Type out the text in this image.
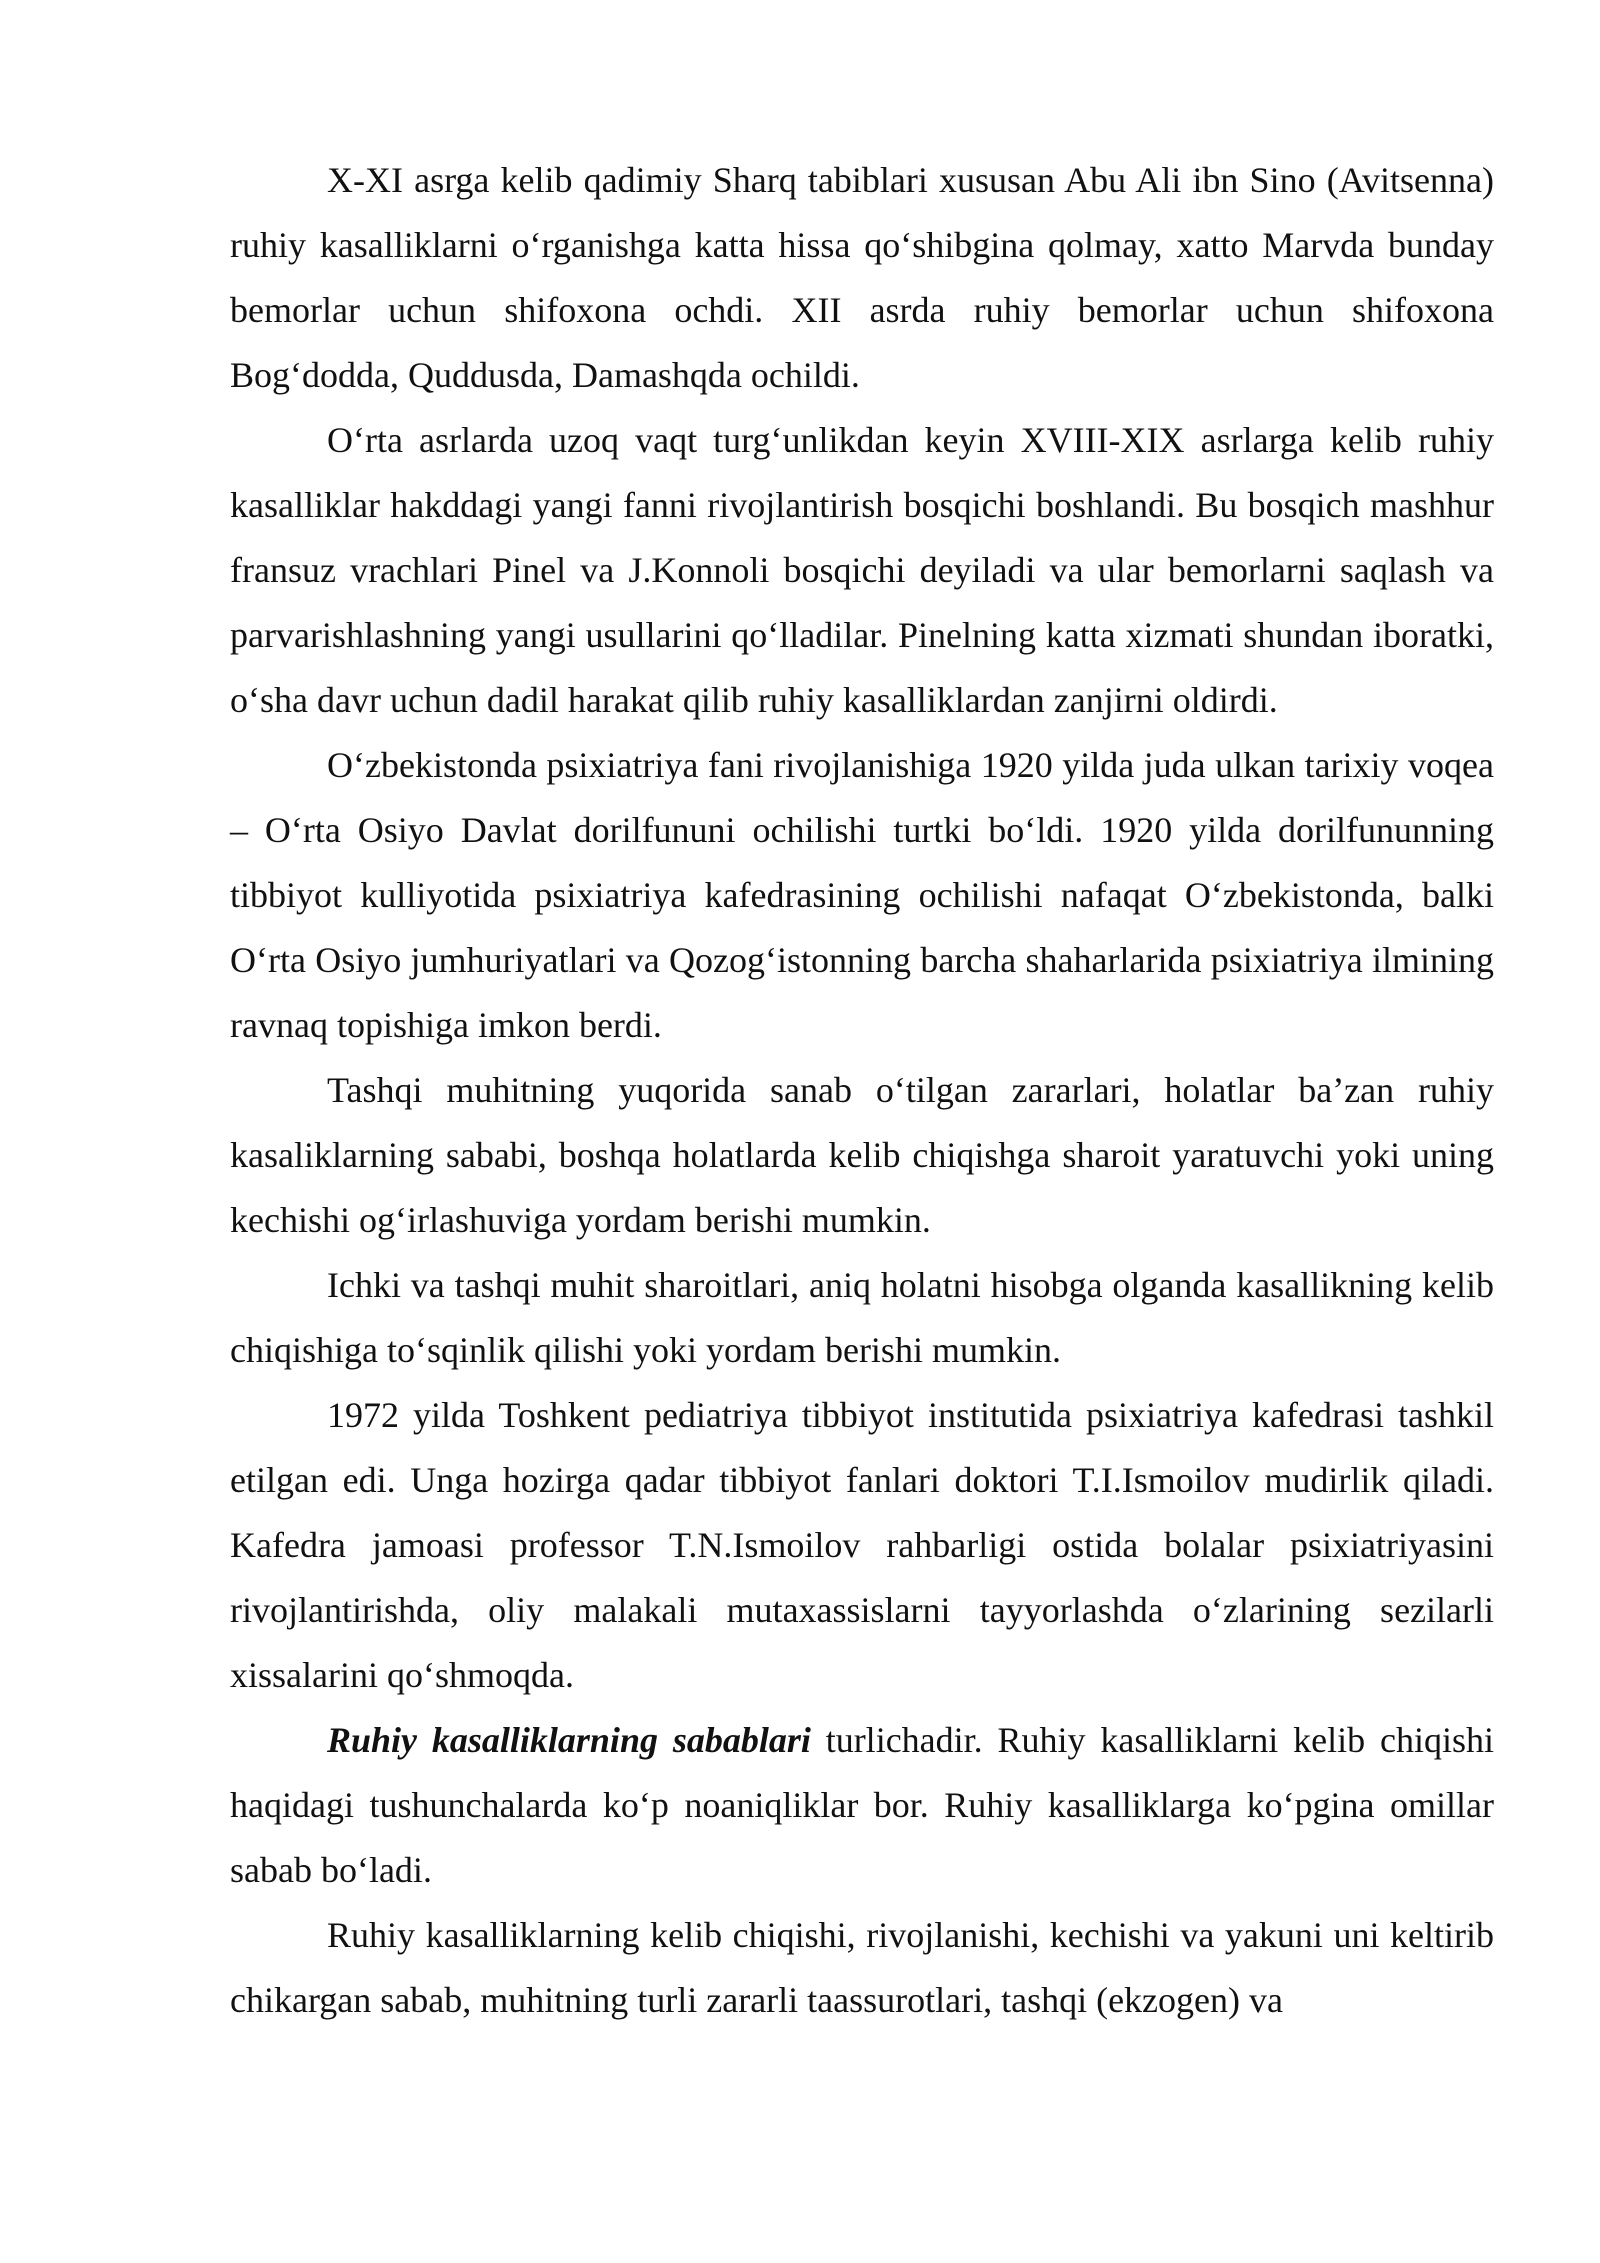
X-XI asrga kelib qadimiy Sharq tabiblari xususan Abu Ali ibn Sino (Avitsenna) ruhiy kasalliklarni o‘rganishga katta hissa qo‘shibgina qolmay, xatto Marvda bunday bemorlar uchun shifoxona ochdi. XII asrda ruhiy bemorlar uchun shifoxona Bog‘dodda, Quddusda, Damashqda ochildi.

O‘rta asrlarda uzoq vaqt turg‘unlikdan keyin XVIII-XIX asrlarga kelib ruhiy kasalliklar hakddagi yangi fanni rivojlantirish bosqichi boshlandi. Bu bosqich mashhur fransuz vrachlari Pinel va J.Konnoli bosqichi deyiladi va ular bemorlarni saqlash va parvarishlashning yangi usullarini qo‘lladilar. Pinelning katta xizmati shundan iboratki, o‘sha davr uchun dadil harakat qilib ruhiy kasalliklardan zanjirni oldirdi.

O‘zbekistonda psixiatriya fani rivojlanishiga 1920 yilda juda ulkan tarixiy voqea – O‘rta Osiyo Davlat dorilfununi ochilishi turtki bo‘ldi. 1920 yilda dorilfununning tibbiyot kulliyotida psixiatriya kafedrasining ochilishi nafaqat O‘zbekistonda, balki O‘rta Osiyo jumhuriyatlari va Qozog‘istonning barcha shaharlarida psixiatriya ilmining ravnaq topishiga imkon berdi.

Tashqi muhitning yuqorida sanab o‘tilgan zararlari, holatlar ba’zan ruhiy kasaliklarning sababi, boshqa holatlarda kelib chiqishga sharoit yaratuvchi yoki uning kechishi og‘irlashuviga yordam berishi mumkin.

Ichki va tashqi muhit sharoitlari, aniq holatni hisobga olganda kasallikning kelib chiqishiga to‘sqinlik qilishi yoki yordam berishi mumkin.

1972 yilda Toshkent pediatriya tibbiyot institutida psixiatriya kafedrasi tashkil etilgan edi. Unga hozirga qadar tibbiyot fanlari doktori T.I.Ismoilov mudirlik qiladi. Kafedra jamoasi professor T.N.Ismoilov rahbarligi ostida bolalar psixiatriyasini rivojlantirishda, oliy malakali mutaxassislarni tayyorlashda o‘zlarining sezilarli xissalarini qo‘shmoqda.

Ruhiy kasalliklarning sabablari turlichadir. Ruhiy kasalliklarni kelib chiqishi haqidagi tushunchalarda ko‘p noaniqliklar bor. Ruhiy kasalliklarga ko‘pgina omillar sabab bo‘ladi.

Ruhiy kasalliklarning kelib chiqishi, rivojlanishi, kechishi va yakuni uni keltirib chikargan sabab, muhitning turli zararli taassurotlari, tashqi (ekzogen) va
